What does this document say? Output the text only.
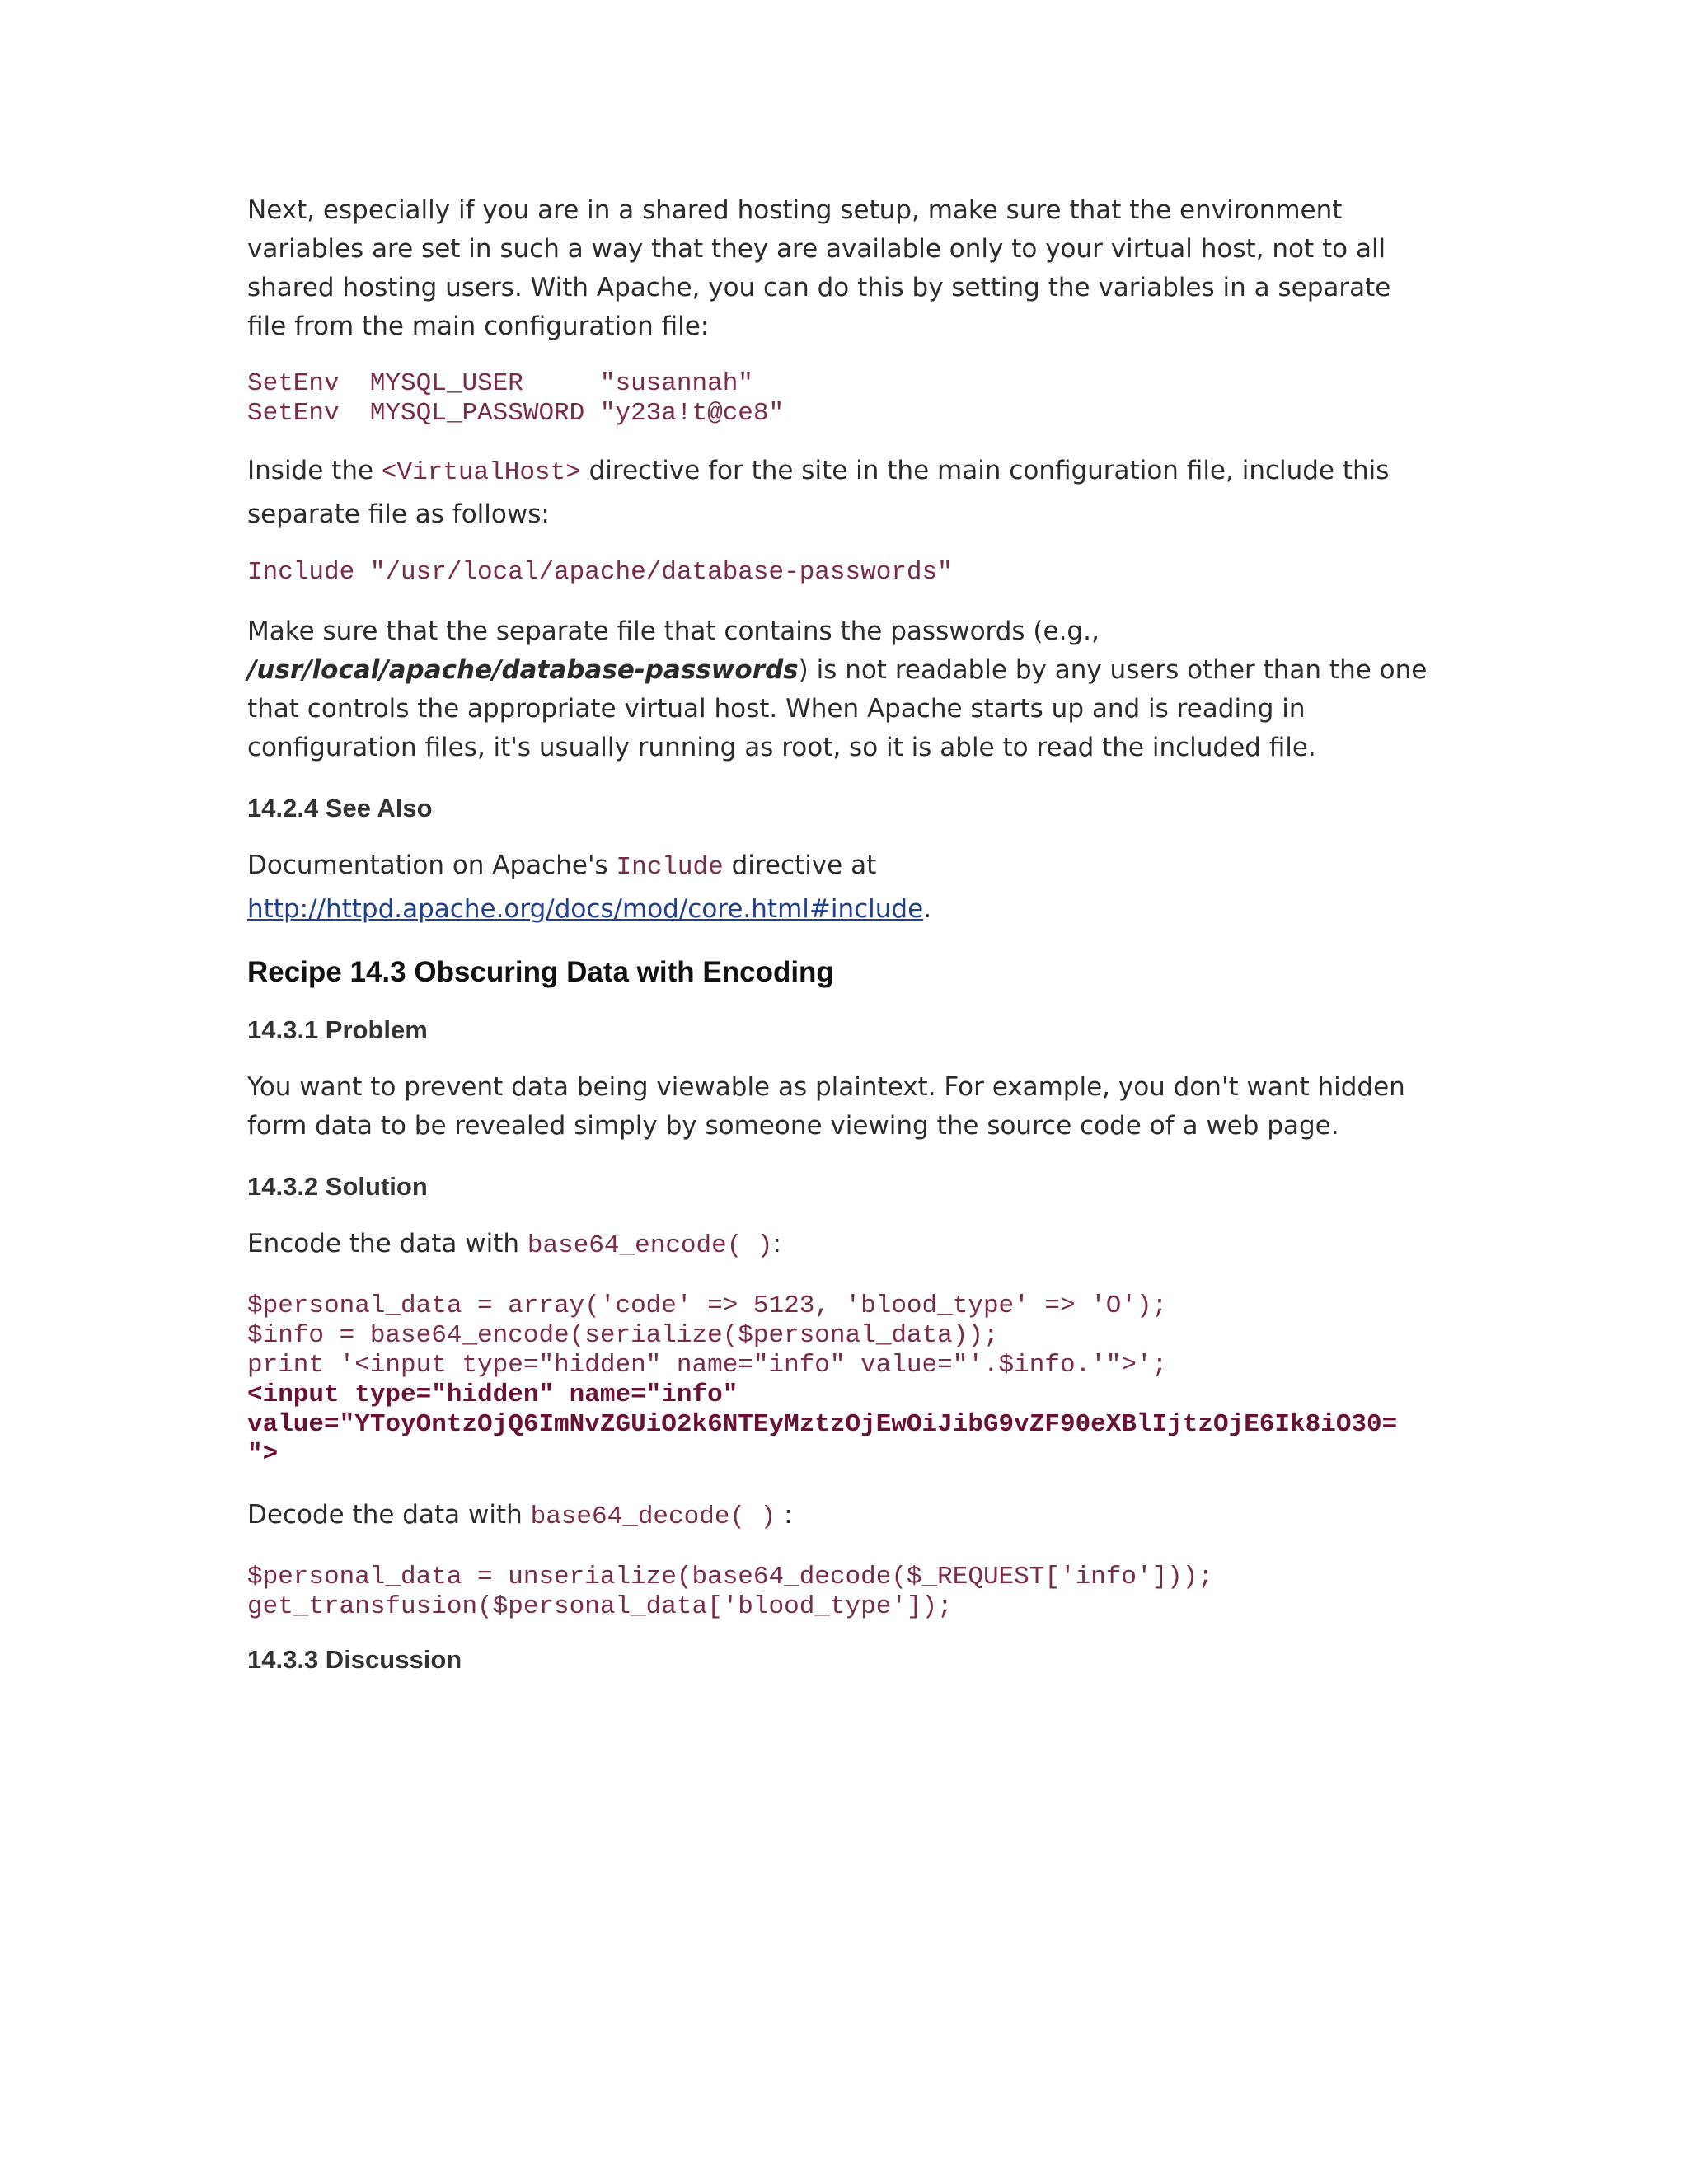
Next, especially if you are in a shared hosting setup, make sure that the environment variables are set in such a way that they are available only to your virtual host, not to all shared hosting users. With Apache, you can do this by setting the variables in a separate file from the main configuration file:

SetEnv  MYSQL_USER     "susannah"
SetEnv  MYSQL_PASSWORD "y23a!t@ce8"

Inside the <VirtualHost> directive for the site in the main configuration file, include this separate file as follows:

Include "/usr/local/apache/database-passwords"

Make sure that the separate file that contains the passwords (e.g.,
/usr/local/apache/database-passwords) is not readable by any users other than the one that controls the appropriate virtual host. When Apache starts up and is reading in configuration files, it's usually running as root, so it is able to read the included file.

14.2.4 See Also

Documentation on Apache's Include directive at
http://httpd.apache.org/docs/mod/core.html#include.

Recipe 14.3 Obscuring Data with Encoding
14.3.1 Problem

You want to prevent data being viewable as plaintext. For example, you don't want hidden form data to be revealed simply by someone viewing the source code of a web page.

14.3.2 Solution

Encode the data with base64_encode( ):

$personal_data = array('code' => 5123, 'blood_type' => 'O');
$info = base64_encode(serialize($personal_data));
print '<input type="hidden" name="info" value="'.$info.'">';
<input type="hidden" name="info"
value="YToyOntzOjQ6ImNvZGUiO2k6NTEyMztzOjEwOiJibG9vZF90eXBlIjtzOjE6Ik8iO30=
">

Decode the data with base64_decode( ) :

$personal_data = unserialize(base64_decode($_REQUEST['info']));
get_transfusion($personal_data['blood_type']);
14.3.3 Discussion
